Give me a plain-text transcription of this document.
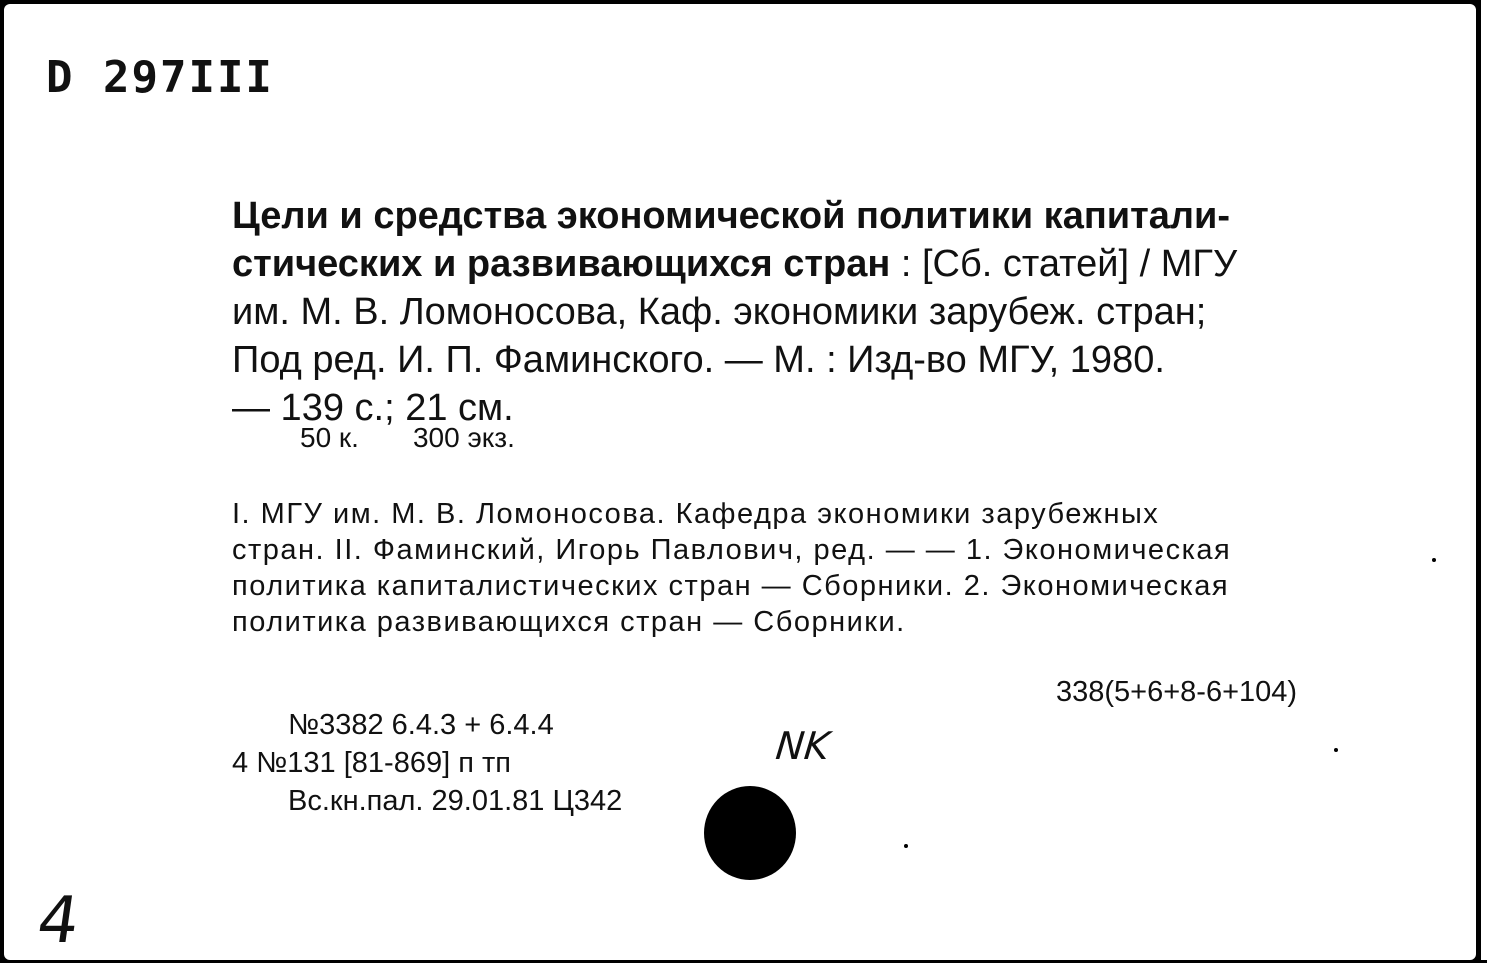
D 297III
Цели и средства экономической политики капитали-
стических и развивающихся стран : [Сб. статей] / МГУ
им. М. В. Ломоносова, Каф. экономики зарубеж. стран;
Под ред. И. П. Фаминского. — М. : Изд-во МГУ, 1980.
— 139 с.; 21 см.
50 к. 300 экз.
I. МГУ им. М. В. Ломоносова. Кафедра экономики зарубежных
стран. II. Фаминский, Игорь Павлович, ред. — — 1. Экономическая
политика капиталистических стран — Сборники. 2. Экономическая
политика развивающихся стран — Сборники.
338(5+6+8-6+104)
№3382 6.4.3 + 6.4.4
4 №131 [81-869] п тп
Вс.кн.пал. 29.01.81 Ц342
NK
4
